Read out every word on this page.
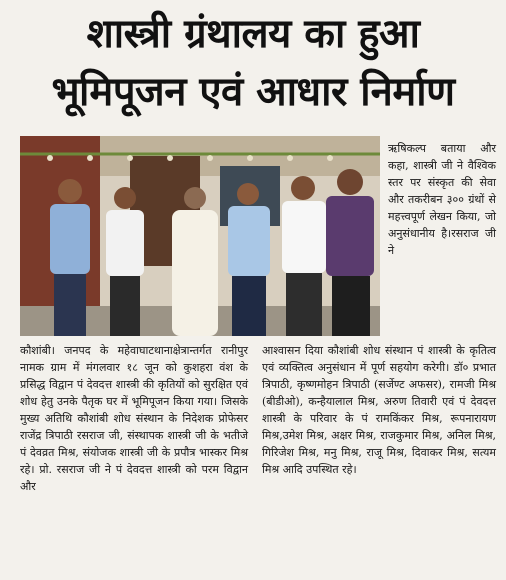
शास्त्री ग्रंथालय का हुआ
भूमिपूजन एवं आधार निर्माण

ऋषिकल्प बताया और कहा, शास्त्री जी ने वैश्विक स्तर पर संस्कृत की सेवा और तकरीबन ३०० ग्रंथों से महत्त्वपूर्ण लेखन किया, जो अनुसंधानीय है।रसराज जी ने

कौशांबी। जनपद के महेवाघाटथानाक्षेत्रान्तर्गत रानीपुर नामक ग्राम में मंगलवार १८ जून को कुशहरा वंश के प्रसिद्ध विद्वान पं देवदत्त शास्त्री की कृतियों को सुरक्षित एवं शोध हेतु उनके पैतृक घर में भूमिपूजन किया गया। जिसके मुख्य अतिथि कौशांबी शोध संस्थान के निदेशक प्रोफेसर राजेंद्र त्रिपाठी रसराज जी, संस्थापक शास्त्री जी के भतीजे पं देवव्रत मिश्र, संयोजक शास्त्री जी के प्रपौत्र भास्कर मिश्र रहे। प्रो. रसराज जी ने पं देवदत्त शास्त्री को परम विद्वान और

आश्वासन दिया कौशांबी शोध संस्थान पं शास्त्री के कृतित्व एवं व्यक्तित्व अनुसंधान में पूर्ण सहयोग करेगी। डॉ० प्रभात त्रिपाठी, कृष्णमोहन त्रिपाठी (सर्जेण्ट अफसर), रामजी मिश्र (बीडीओ), कन्हैयालाल मिश्र, अरुण तिवारी एवं पं देवदत्त शास्त्री के परिवार के पं रामकिंकर मिश्र, रूपनारायण मिश्र,उमेश मिश्र, अक्षर मिश्र, राजकुमार मिश्र, अनिल मिश्र, गिरिजेश मिश्र, मनु मिश्र, राजू मिश्र, दिवाकर मिश्र, सत्यम मिश्र आदि उपस्थित रहे।
